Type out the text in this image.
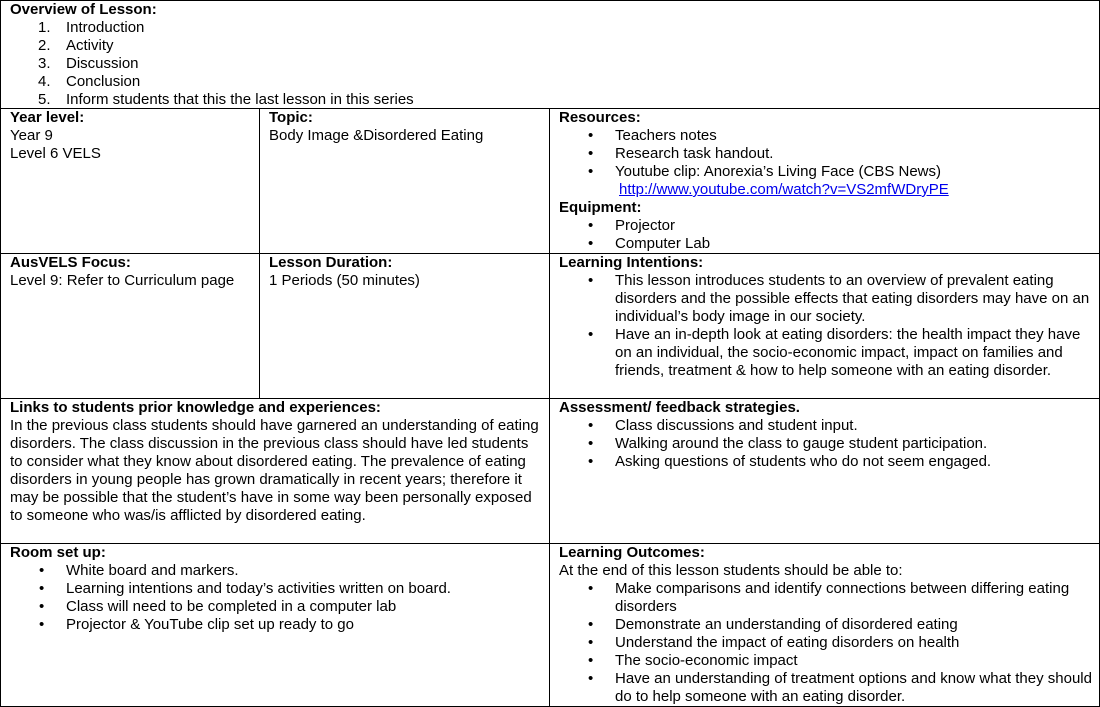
Overview of Lesson:
1. Introduction
2. Activity
3. Discussion
4. Conclusion
5. Inform students that this the last lesson in this series
Year level:
Year 9
Level 6 VELS
Topic:
Body Image &Disordered Eating
Resources:
• Teachers notes
• Research task handout.
• Youtube clip: Anorexia’s Living Face (CBS News)
http://www.youtube.com/watch?v=VS2mfWDryPE
Equipment:
• Projector
• Computer Lab
AusVELS Focus:
Level 9: Refer to Curriculum page
Lesson Duration:
1 Periods (50 minutes)
Learning Intentions:
• This lesson introduces students to an overview of prevalent eating disorders and the possible effects that eating disorders may have on an individual’s body image in our society.
• Have an in-depth look at eating disorders: the health impact they have on an individual, the socio-economic impact, impact on families and friends, treatment & how to help someone with an eating disorder.
Links to students prior knowledge and experiences:
In the previous class students should have garnered an understanding of eating disorders. The class discussion in the previous class should have led students to consider what they know about disordered eating. The prevalence of eating disorders in young people has grown dramatically in recent years; therefore it may be possible that the student’s have in some way been personally exposed to someone who was/is afflicted by disordered eating.
Assessment/ feedback strategies.
• Class discussions and student input.
• Walking around the class to gauge student participation.
• Asking questions of students who do not seem engaged.
Room set up:
• White board and markers.
• Learning intentions and today’s activities written on board.
• Class will need to be completed in a computer lab
• Projector & YouTube clip set up ready to go
Learning Outcomes:
At the end of this lesson students should be able to:
• Make comparisons and identify connections between differing eating disorders
• Demonstrate an understanding of disordered eating
• Understand the impact of eating disorders on health
• The socio-economic impact
• Have an understanding of treatment options and know what they should do to help someone with an eating disorder.
